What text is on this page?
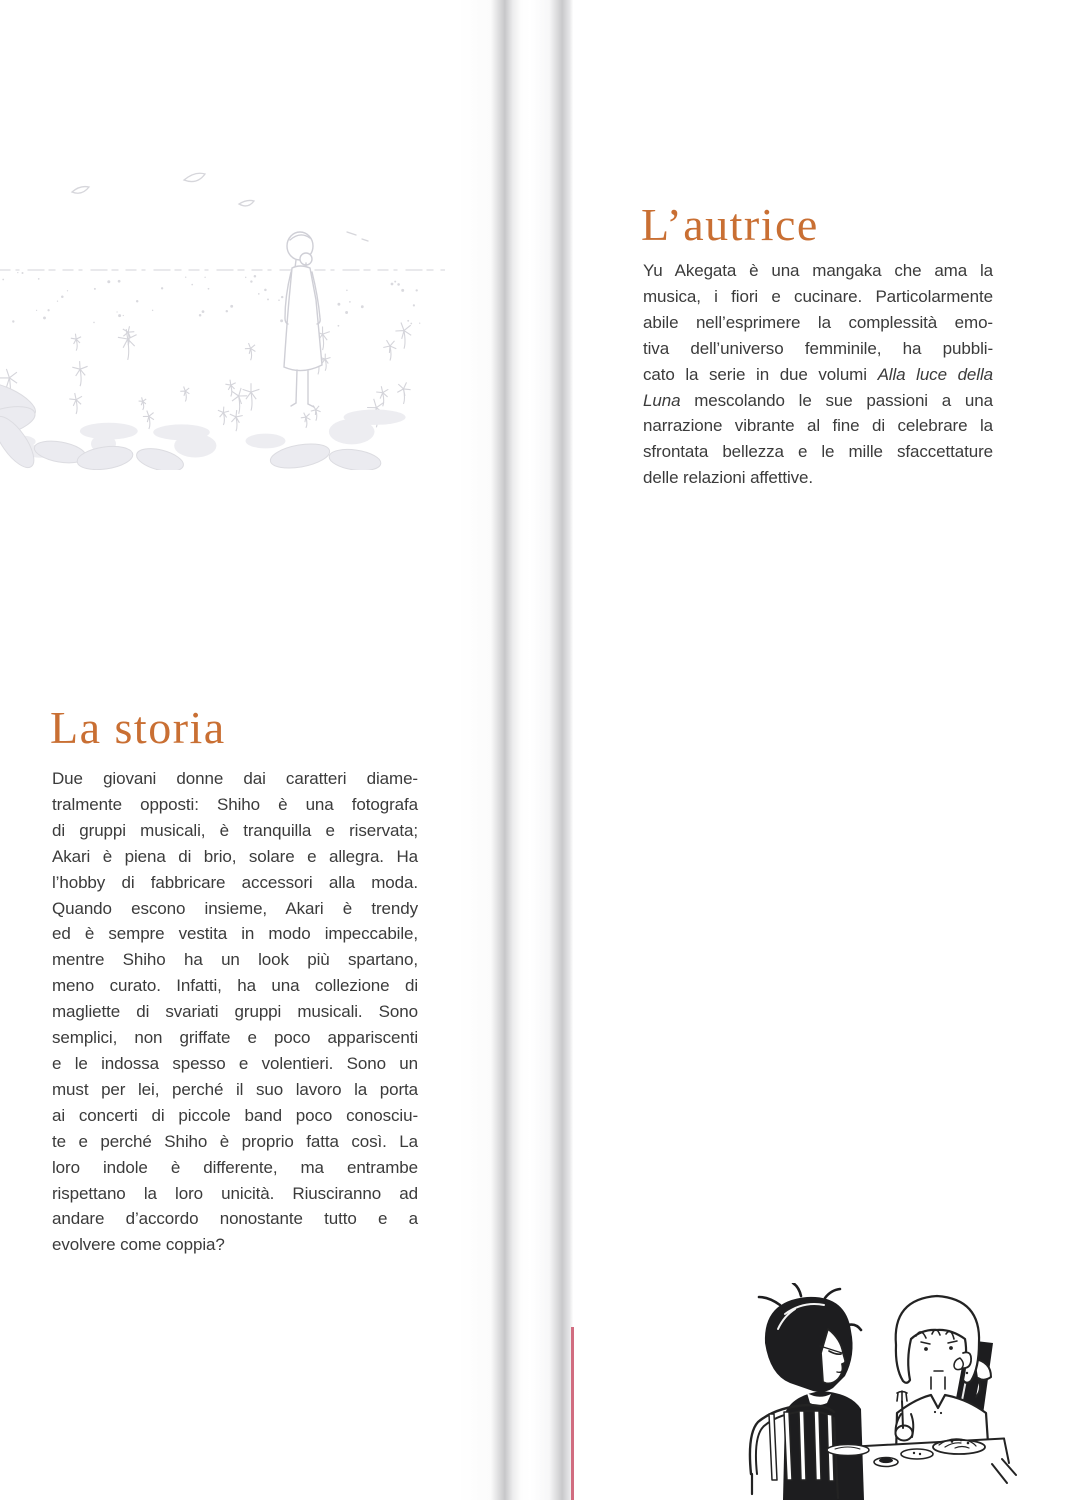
La storia
Due giovani donne dai caratteri diame-
tralmente opposti: Shiho è una fotografa
di gruppi musicali, è tranquilla e riservata;
Akari è piena di brio, solare e allegra. Ha
l’hobby di fabbricare accessori alla moda.
Quando escono insieme, Akari è trendy
ed è sempre vestita in modo impeccabile,
mentre Shiho ha un look più spartano,
meno curato. Infatti, ha una collezione di
magliette di svariati gruppi musicali. Sono
semplici, non griffate e poco appariscenti
e le indossa spesso e volentieri. Sono un
must per lei, perché il suo lavoro la porta
ai concerti di piccole band poco conosciu-
te e perché Shiho è proprio fatta così. La
loro indole è differente, ma entrambe
rispettano la loro unicità. Riusciranno ad
andare d’accordo nonostante tutto e a
evolvere come coppia?
L’autrice
Yu Akegata è una mangaka che ama la
musica, i fiori e cucinare. Particolarmente
abile nell’esprimere la complessità emo-
tiva dell’universo femminile, ha pubbli-
cato la serie in due volumi Alla luce della
Luna mescolando le sue passioni a una
narrazione vibrante al fine di celebrare la
sfrontata bellezza e le mille sfaccettature
delle relazioni affettive.
